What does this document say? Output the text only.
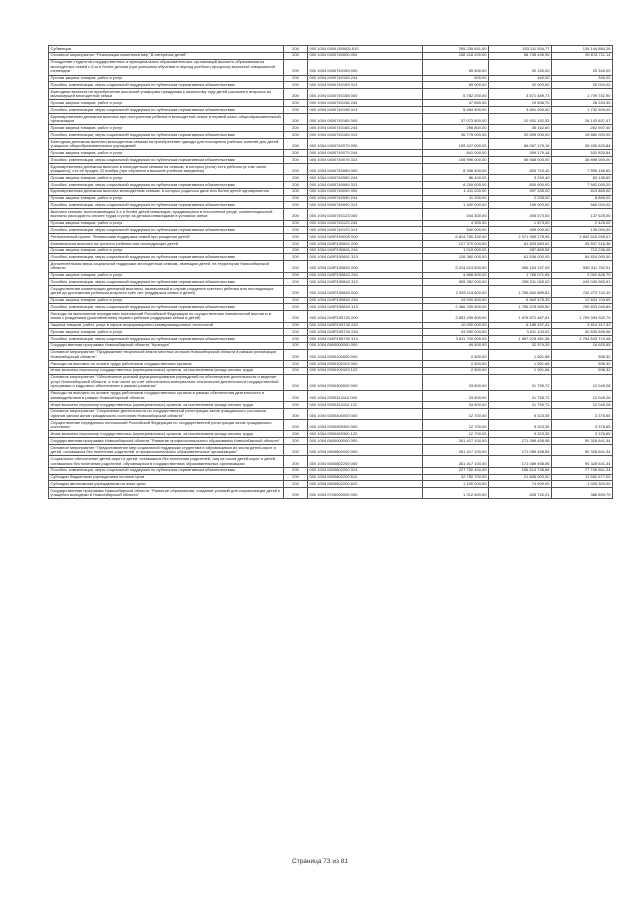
Субвенции	200	000 1004 0400 053003 610	255 239 641,00	153 111 534,77	135 144 884,26
Основное мероприятие "Реализация комплекса мер "В интересах детей"	200	000 1004 0400740000 000	158 418 200,00	58 735 496,96	99 678 711,14
Поощрение студентов государственных и муниципальных образовательных организаций высшего образования из многодетных семей с 5-ю и более детьми (при успешном обучении в период учебного процесса) выплатой специальной стипендии	200	000 1004 0400740159 000	65 500,00	32 150,00	25 340,00
Прочая закупка товаров, работ и услуг	200	000 1004 0400740159 244	500,00	160,00	340,00
Пособия, компенсации, меры социальной поддержки по публичным нормативным обязательствам	200	000 1004 0400740159 313	65 000,00	32 000,00	25 000,00
Ежегодная выплата на приобретение школьной униформы гражданам к школьному году детей школьного возраста из малоимущей многодетной семьи	200	000 1004 0400740158 000	5 782 200,00	3 671 489,73	1 709 742,90
Прочая закупка товаров, работ и услуг	200	000 1004 0400740158 244	47 850,00	19 556,70	28 243,30
Пособия, компенсации, меры социальной поддержки по публичным нормативным обязательствам	200	000 1004 0400740158 313	5 684 400,00	3 651 900,00	1 732 500,00
Единовременная денежная выплата при поступлении ребенка в многодетной семье в первый класс общеобразовательной организации	200	000 1004 0400740165 000	37 073 800,00	20 931 152,53	16 142 637,47
Прочая закупка товаров, работ и услуг	200	000 1004 0400740165 244	298 800,00	36 152,60	262 597,40
Пособия, компенсации, меры социальной поддержки по публичным нормативным обязательствам	200	000 1004 0400740165 313	36 775 000,00	20 895 000,00	15 880 000,00
Ежегодная денежная выплата многодетным семьям на приобретение одежды для посещения учебных занятий для детей-учащихся общеобразовательных учреждений	200	000 1004 0400740079 000	105 427 000,00	66 067 179,16	39 430 620,84
Прочая закупка товаров, работ и услуг	200	000 1004 0400740079 244	841 000,00	309 179,16	532 820,84
Пособия, компенсации, меры социальной поддержки по публичным нормативным обязательствам	200	000 1004 0400740079 313	105 996 000,00	65 568 000,00	38 898 000,00
Единовременная денежная выплата в многодетным семьям на семьям, в которых (если) есть ребенок (в том числе учащиеся), что её предел 23 ноября (при обучении в высшем учебном заведении)	200	000 1004 0400740089 000	8 398 400,00	803 743,40	7 595 156,60
Прочая закупка товаров, работ и услуг	200	000 1004 0400740089 244	86 400,00	3 263,40	83 136,60
Пособия, компенсации, меры социальной поддержки по публичным нормативным обязательствам	200	000 1004 0400740089 313	8 200 000,00	800 000,00	7 592 000,00
Единовременная денежная выплата многодетным семьям, в которых родилось двое или более детей одновременно	200	000 1004 0400740090 000	1 411 200,00	597 335,00	813 865,00
Прочая закупка товаров, работ и услуг	200	000 1004 0400740090 244	11 200,00	2 335,00	8 865,00
Пособия, компенсации, меры социальной поддержки по публичным нормативным обязательствам	200	000 1004 0400740090 313	1 400 000,00	165 000,00	565 000,00
Выплата семьям, воспитывающим 3-х и более детей-инвалидов, нуждающихся в постоянном уходе, компенсационной выплаты расходов по оплате труда и услуг за детьми-инвалидами в условиях опеки	200	000 1004 0400740123 000	544 300,00	405 673,00	137 625,00
Прочая закупка товаров, работ и услуг	200	000 1004 0400740123 244	4 300,00	1 873,00	2 425,00
Пособия, компенсации, меры социальной поддержки по публичным нормативным обязательствам	200	000 1004 0400740123 313	540 000,00	405 000,00	135 000,00
Региональный проект "Финансовая поддержка семей при рождении детей"	200	000 1004 040P100000 000	6 814 750 432,00	2 071 955 278,95	2 842 515 255,07
Ежемесячная выплата на третьего ребенка или последующих детей	200	000 1004 040P150841 000	127 370 000,00	81 833 883,62	45 537 216,38
Прочая закупка товаров, работ и услуг	200	000 1004 040P150841 244	1 010 000,00	287 865,58	713 236,48
Пособия, компенсации, меры социальной поддержки по публичным нормативным обязательствам	200	000 1004 040P150841 313	126 360 000,00	61 536 000,00	64 824 000,00
Дополнительная мера социальной поддержки многодетным семьям, имеющим детей, на территории Новосибирской области	200	000 1004 040P150842 000	5 214 613 800,00	266 104 137,09	945 311 762,91
Прочая закупка товаров, работ и услуг	200	000 1004 040P150842 244	4 668 800,00	1 766 071,56	3 002 828,70
Пособия, компенсации, меры социальной поддержки по публичным нормативным обязательствам	200	000 1004 040P150842 313	505 352 000,00	255 311 065,00	249 040 983,91
Осуществление компенсации денежной выплаты, назначаемой в случае рождения третьего ребенка или последующих детей до достижения ребенком возраста трёх лет (поддержка семьи и детей)	200	000 1004 040P150840 000	2 399 114 600,00	1 756 842 889,81	742 273 742,40
Прочая закупка товаров, работ и услуг	200	000 1004 040P150840 244	19 000 600,00	6 863 575,35	12 834 703,65
Пособия, компенсации, меры социальной поддержки по публичным нормативным обязательствам	200	000 1004 040P150840 313	2 466 209 800,00	1 756 578 580,50	759 603 040,84
Расходы на выполнение переданных полномочий Российской Федерации по осуществлению ежемесячной выплаты в связи с рождением (усыновлением) первого ребенка (поддержка семьи и детей)	200	000 1004 040P155730 000	3 653 299 600,00	1 976 872 487,81	1 799 393 932,79
Закупка товаров, работ, услуг в сфере информационно-коммуникационных технологий	200	000 1004 040P155730 242	10 000 000,00	6 185 457,41	3 814 317,33
Прочая закупка товаров, работ и услуг	200	000 1004 040P155730 244	43 950 000,00	3 911 104,02	40 630 895,98
Пособия, компенсации, меры социальной поддержки по публичным нормативным обязательствам	200	000 1004 040P155730 313	3 811 700 000,00	1 967 078 381,38	1 754 633 719,48
Государственная программа Новосибирской области "Культура"	200	000 1004 0500000000 000	49 500,00	32 579,35	16 920,65
Основное мероприятие "Продвижение творческой земли местных истоков Новосибирской области в рамках реализации Новосибирской области"	200	000 1004 0500100000 000	2 500,00	1 901,68	598,32
Расходы на выплаты по оплате труда работников государственных органов	200	000 1004 0500100103 000	2 500,00	1 901,68	598,32
Иные выплаты персоналу государственных (муниципальных) органов, за исключением фонда оплаты труда	200	000 1004 0500100103 122	2 500,00	1 901,68	598,32
Основное мероприятие "Обеспечение условий функционирования учреждений по обеспечению деятельности и ведение услуг Новосибирской области, а том числе за счет обеспечения материально-технической деятельности государственной программы и кадрового обеспечения в рамках развития"	200	000 1004 0500300000 000	33 800,00	21 755,72	12 045,28
Расходы на выплаты по оплате труда работников государственных органов в рамках обеспечения деятельности и взаимодействия в рамках Новосибирской области	200	000 1004 0500314110 000	33 800,00	21 755,72	12 045,28
Иные выплаты персоналу государственных (муниципальных) органов, за исключением фонда оплаты труда	200	000 1004 0500314110 122	33 800,00	21 755,72	12 045,28
Основное мероприятие "Сохранение деятельности по государственной регистрации актов гражданского состояния органов записи актов гражданского состояния Новосибирской области"	200	000 1004 0500400000 000	12 700,00	9 323,35	3 376,65
Осуществление переданных полномочий Российской Федерации по государственной регистрации актов гражданского состояния	200	000 1004 0500459300 000	12 700,00	9 323,35	3 376,65
Иные выплаты персоналу государственных (муниципальных) органов, за исключением фонда оплаты труда	200	000 1004 0500459300 122	12 700,00	9 323,35	3 376,65
Государственная программа Новосибирской области "Развитие профессионального образования Новосибирской области"	200	000 1004 0600000000 000	261 417 100,00	171 089 458,56	90 328 641,34
Основное мероприятие "Предоставление мер социальной поддержки студентам и обучающимся из числа детей-сирот и детей, оставшихся без попечения родителей, в профессиональных образовательных организациях"	200	000 1004 0600800000 000	261 417 100,00	171 089 458,56	90 328 641,34
Социальное обеспечение детей-сирот и детей, оставшихся без попечения родителей, лиц из числа детей-сирот и детей, оставшихся без попечения родителей, обучающихся в государственных образовательных организациях	200	000 1004 0600802200 000	261 417 100,00	171 089 458,56	90 328 641,34
Пособия, компенсации, меры социальной поддержки по публичным нормативным обязательствам	200	000 1004 0600802200 313	227 750 400,00	155 613 738,66	77 746 661,34
Субсидии бюджетным учреждениям на иные цели	200	000 1004 0600802200 612	32 752 700,00	21 606 000,00	11 552 677,00
Субсидии автономным учреждениям на иные цели	200	000 1004 0600802200 622	1 100 000,00	74 909,00	1 025 300,00
Государственная программа Новосибирской области "Развитие образования, создание условий для социализации детей и учащейся молодежи в Новосибирской области"	200	000 1004 0700000000 000	1 012 600,00	625 720,21	386 893,79
Страница 73 из 81
